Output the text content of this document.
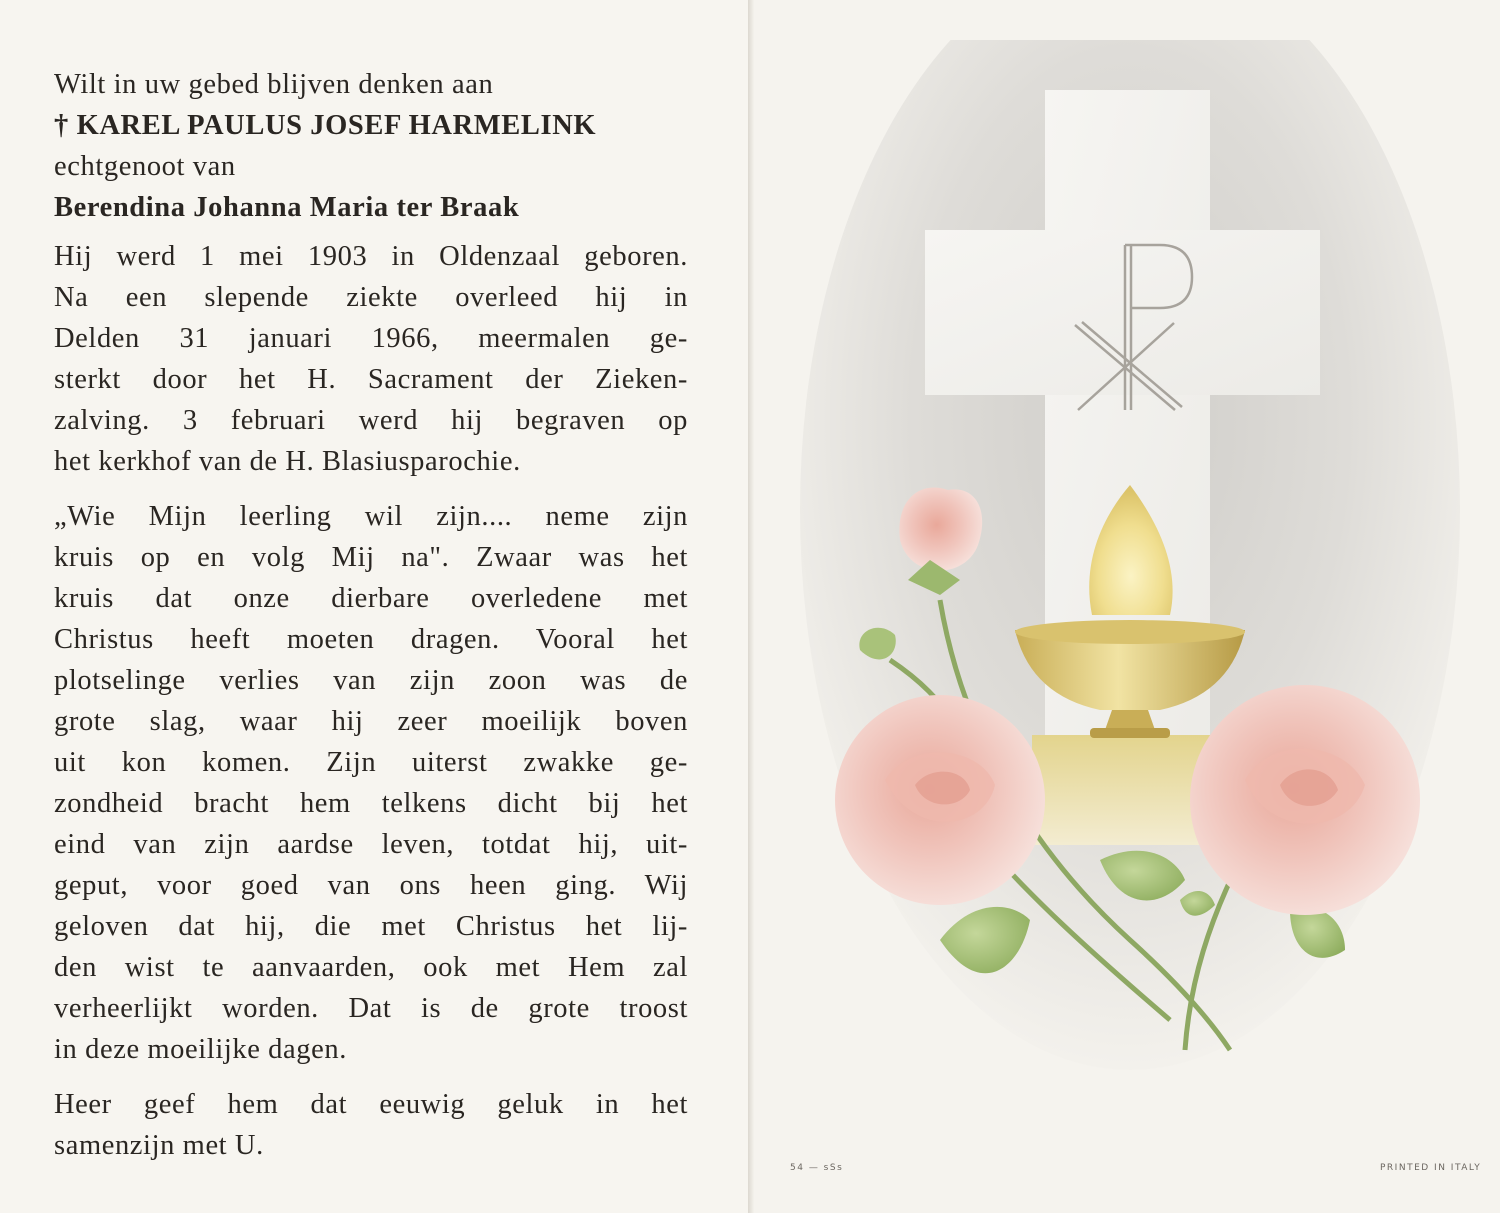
Wilt in uw gebed blijven denken aan
† KAREL PAULUS JOSEF HARMELINK
echtgenoot van
Berendina Johanna Maria ter Braak
Hij werd 1 mei 1903 in Oldenzaal geboren.
Na een slepende ziekte overleed hij in
Delden 31 januari 1966, meermalen ge-
sterkt door het H. Sacrament der Zieken-
zalving. 3 februari werd hij begraven op
het kerkhof van de H. Blasiusparochie.
„Wie Mijn leerling wil zijn.... neme zijn
kruis op en volg Mij na". Zwaar was het
kruis dat onze dierbare overledene met
Christus heeft moeten dragen. Vooral het
plotselinge verlies van zijn zoon was de
grote slag, waar hij zeer moeilijk boven
uit kon komen. Zijn uiterst zwakke ge-
zondheid bracht hem telkens dicht bij het
eind van zijn aardse leven, totdat hij, uit-
geput, voor goed van ons heen ging. Wij
geloven dat hij, die met Christus het lij-
den wist te aanvaarden, ook met Hem zal
verheerlijkt worden. Dat is de grote troost
in deze moeilijke dagen.
Heer geef hem dat eeuwig geluk in het
samenzijn met U.
54 — sSs	PRINTED IN ITALY
